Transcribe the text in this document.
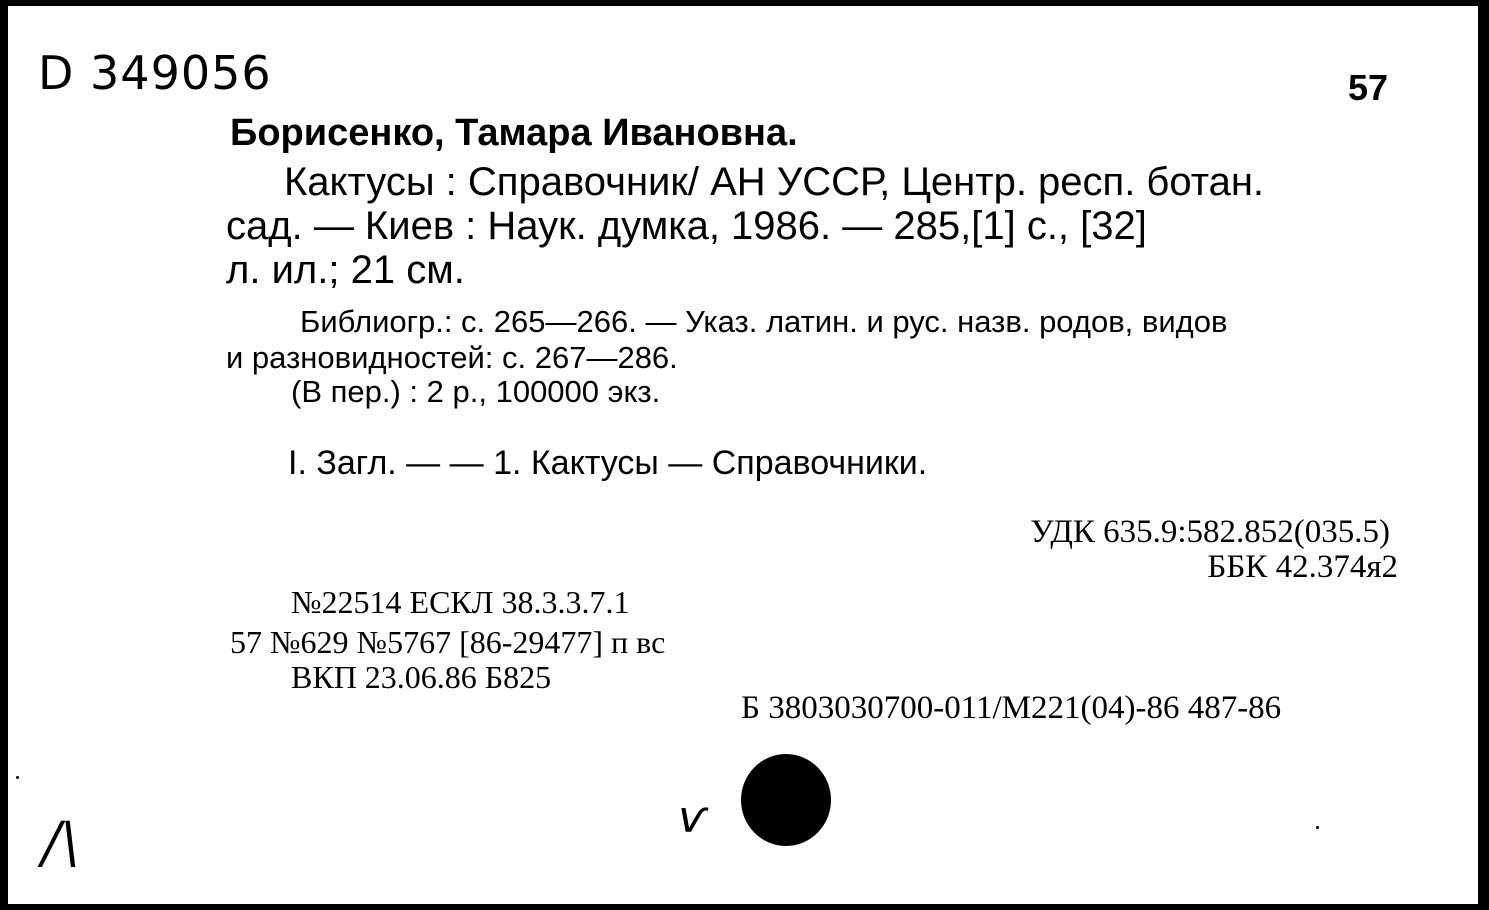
D 349056	57
Борисенко, Тамара Ивановна.
Кактусы : Справочник/ АН УССР, Центр. респ. ботан.
сад. — Киев : Наук. думка, 1986. — 285,[1] с., [32]
л. ил.; 21 см.
Библиогр.: с. 265—266. — Указ. латин. и рус. назв. родов, видов
и разновидностей: с. 267—286.
(В пер.) : 2 р., 100000 экз.
I. Загл. — — 1. Кактусы — Справочники.
УДК 635.9:582.852(035.5)
ББК 42.374я2
№22514 ЕСКЛ 38.3.3.7.1
57 №629 №5767 [86-29477] п вс
ВКП 23.06.86 Б825
Б 3803030700-011/М221(04)-86 487-86
ѵ
/\
